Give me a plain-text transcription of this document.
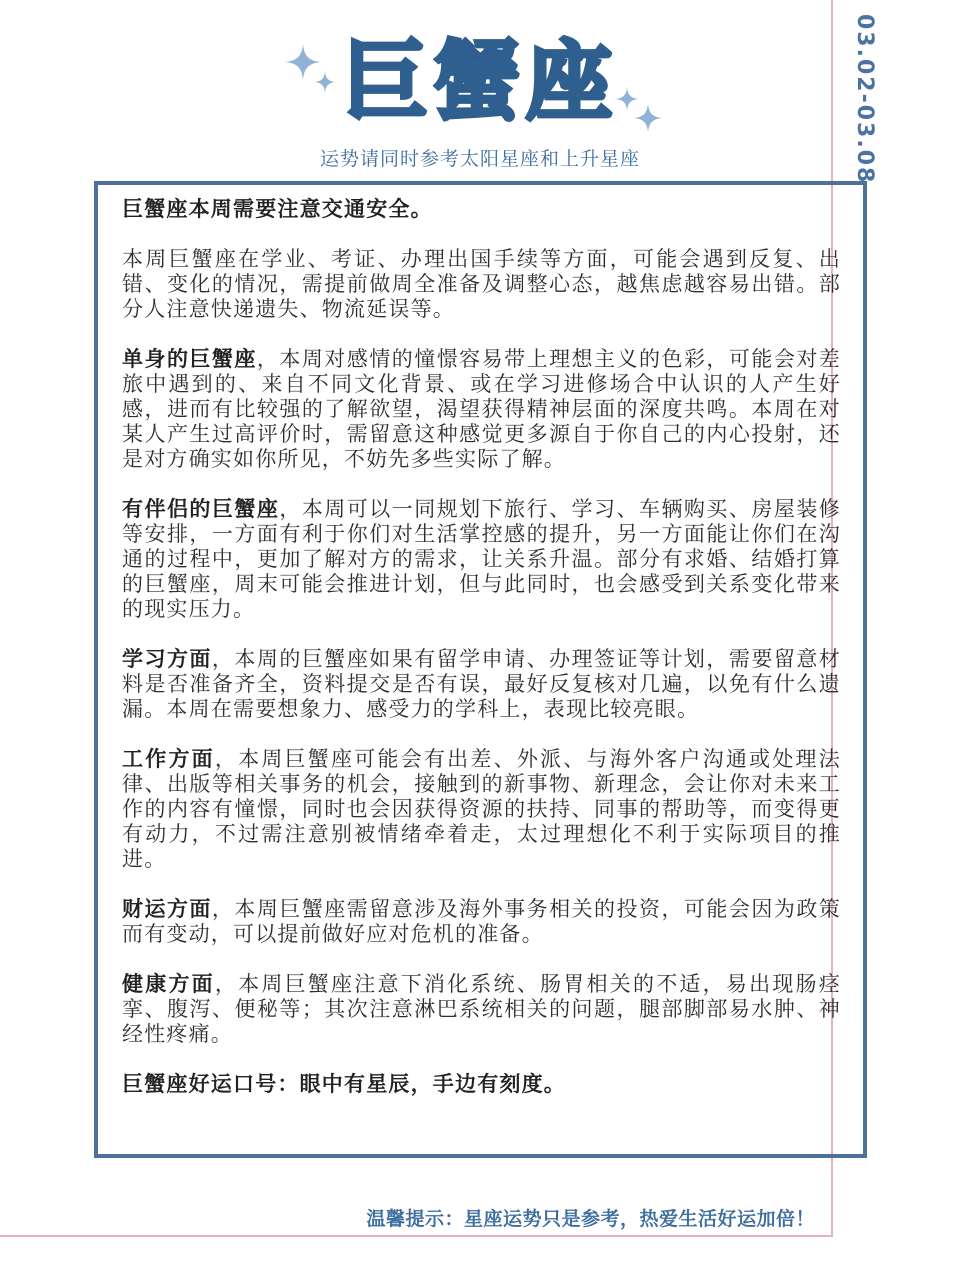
03.02-03.08
巨蟹座
运势请同时参考太阳星座和上升星座

巨蟹座本周需要注意交通安全。

本周巨蟹座在学业、考证、办理出国手续等方面，可能会遇到反复、出错、变化的情况，需提前做周全准备及调整心态，越焦虑越容易出错。部分人注意快递遗失、物流延误等。

单身的巨蟹座，本周对感情的憧憬容易带上理想主义的色彩，可能会对差旅中遇到的、来自不同文化背景、或在学习进修场合中认识的人产生好感，进而有比较强的了解欲望，渴望获得精神层面的深度共鸣。本周在对某人产生过高评价时，需留意这种感觉更多源自于你自己的内心投射，还是对方确实如你所见，不妨先多些实际了解。

有伴侣的巨蟹座，本周可以一同规划下旅行、学习、车辆购买、房屋装修等安排，一方面有利于你们对生活掌控感的提升，另一方面能让你们在沟通的过程中，更加了解对方的需求，让关系升温。部分有求婚、结婚打算的巨蟹座，周末可能会推进计划，但与此同时，也会感受到关系变化带来的现实压力。

学习方面，本周的巨蟹座如果有留学申请、办理签证等计划，需要留意材料是否准备齐全，资料提交是否有误，最好反复核对几遍，以免有什么遗漏。本周在需要想象力、感受力的学科上，表现比较亮眼。

工作方面，本周巨蟹座可能会有出差、外派、与海外客户沟通或处理法律、出版等相关事务的机会，接触到的新事物、新理念，会让你对未来工作的内容有憧憬，同时也会因获得资源的扶持、同事的帮助等，而变得更有动力，不过需注意别被情绪牵着走，太过理想化不利于实际项目的推进。

财运方面，本周巨蟹座需留意涉及海外事务相关的投资，可能会因为政策而有变动，可以提前做好应对危机的准备。

健康方面，本周巨蟹座注意下消化系统、肠胃相关的不适，易出现肠痉挛、腹泻、便秘等；其次注意淋巴系统相关的问题，腿部脚部易水肿、神经性疼痛。

巨蟹座好运口号：眼中有星辰，手边有刻度。

温馨提示：星座运势只是参考，热爱生活好运加倍！
